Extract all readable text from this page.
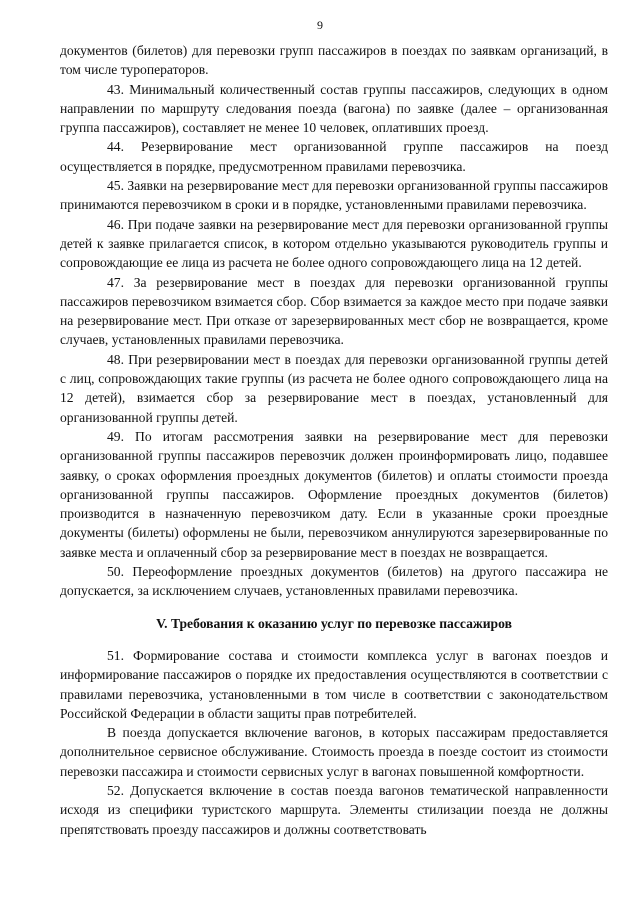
9

документов (билетов) для перевозки групп пассажиров в поездах по заявкам организаций, в том числе туроператоров.

43. Минимальный количественный состав группы пассажиров, следующих в одном направлении по маршруту следования поезда (вагона) по заявке (далее – организованная группа пассажиров), составляет не менее 10 человек, оплативших проезд.

44. Резервирование мест организованной группе пассажиров на поезд осуществляется в порядке, предусмотренном правилами перевозчика.

45. Заявки на резервирование мест для перевозки организованной группы пассажиров принимаются перевозчиком в сроки и в порядке, установленными правилами перевозчика.

46. При подаче заявки на резервирование мест для перевозки организованной группы детей к заявке прилагается список, в котором отдельно указываются руководитель группы и сопровождающие ее лица из расчета не более одного сопровождающего лица на 12 детей.

47. За резервирование мест в поездах для перевозки организованной группы пассажиров перевозчиком взимается сбор. Сбор взимается за каждое место при подаче заявки на резервирование мест. При отказе от зарезервированных мест сбор не возвращается, кроме случаев, установленных правилами перевозчика.

48. При резервировании мест в поездах для перевозки организованной группы детей с лиц, сопровождающих такие группы (из расчета не более одного сопровождающего лица на 12 детей), взимается сбор за резервирование мест в поездах, установленный для организованной группы детей.

49. По итогам рассмотрения заявки на резервирование мест для перевозки организованной группы пассажиров перевозчик должен проинформировать лицо, подавшее заявку, о сроках оформления проездных документов (билетов) и оплаты стоимости проезда организованной группы пассажиров. Оформление проездных документов (билетов) производится в назначенную перевозчиком дату. Если в указанные сроки проездные документы (билеты) оформлены не были, перевозчиком аннулируются зарезервированные по заявке места и оплаченный сбор за резервирование мест в поездах не возвращается.

50. Переоформление проездных документов (билетов) на другого пассажира не допускается, за исключением случаев, установленных правилами перевозчика.

V. Требования к оказанию услуг по перевозке пассажиров

51. Формирование состава и стоимости комплекса услуг в вагонах поездов и информирование пассажиров о порядке их предоставления осуществляются в соответствии с правилами перевозчика, установленными в том числе в соответствии с законодательством Российской Федерации в области защиты прав потребителей.

В поезда допускается включение вагонов, в которых пассажирам предоставляется дополнительное сервисное обслуживание. Стоимость проезда в поезде состоит из стоимости перевозки пассажира и стоимости сервисных услуг в вагонах повышенной комфортности.

52. Допускается включение в состав поезда вагонов тематической направленности исходя из специфики туристского маршрута. Элементы стилизации поезда не должны препятствовать проезду пассажиров и должны соответствовать
